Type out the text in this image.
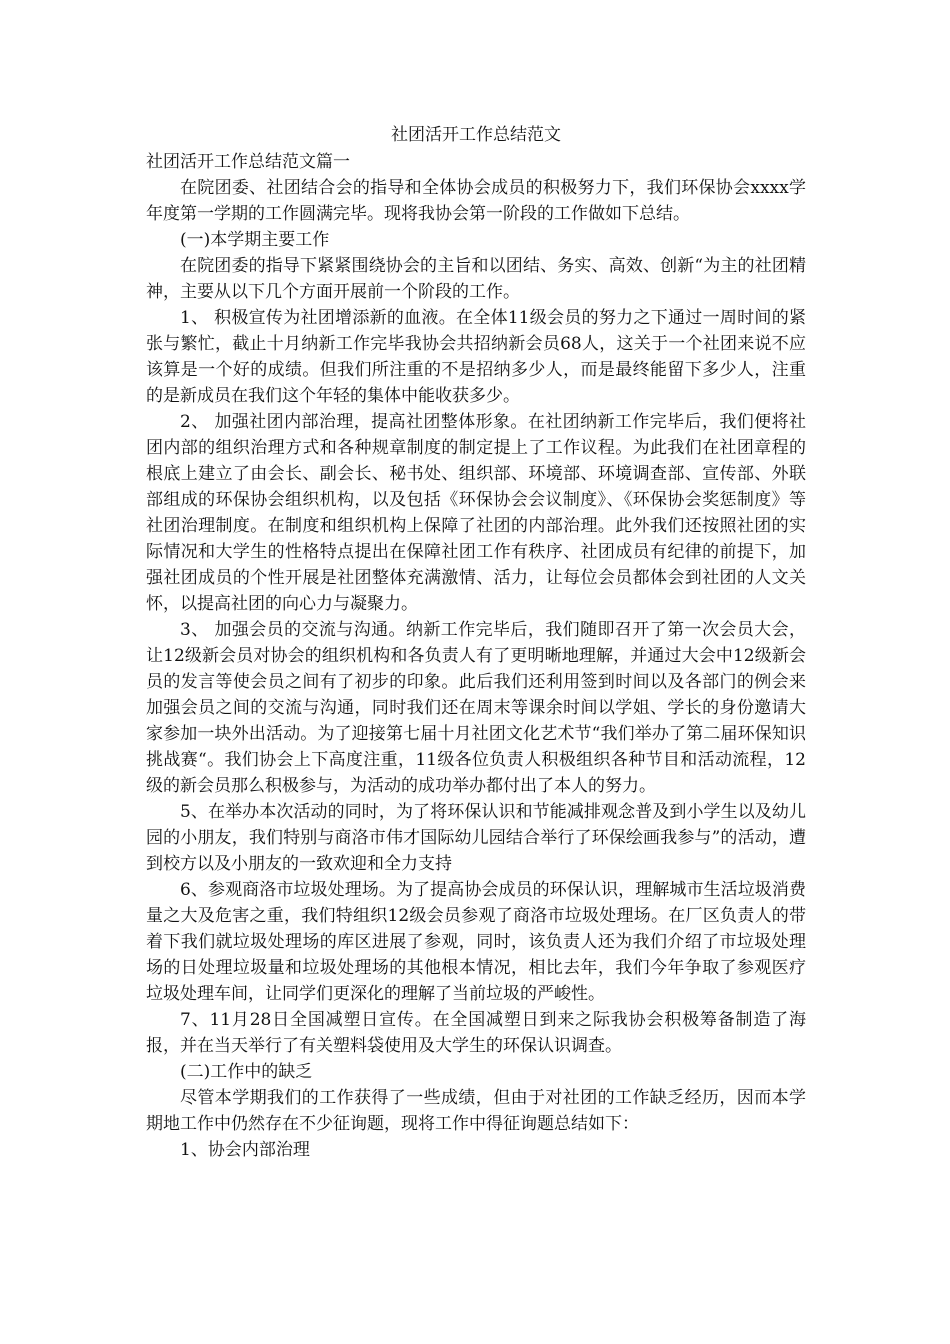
社团活开工作总结范文

社团活开工作总结范文篇一

在院团委、社团结合会的指导和全体协会成员的积极努力下，我们环保协会xxxx学年度第一学期的工作圆满完毕。现将我协会第一阶段的工作做如下总结。

(一)本学期主要工作

在院团委的指导下紧紧围绕协会的主旨和以团结、务实、高效、创新“为主的社团精神，主要从以下几个方面开展前一个阶段的工作。

1、 积极宣传为社团增添新的血液。在全体11级会员的努力之下通过一周时间的紧张与繁忙，截止十月纳新工作完毕我协会共招纳新会员68人，这关于一个社团来说不应该算是一个好的成绩。但我们所注重的不是招纳多少人，而是最终能留下多少人，注重的是新成员在我们这个年轻的集体中能收获多少。

2、 加强社团内部治理，提高社团整体形象。在社团纳新工作完毕后，我们便将社团内部的组织治理方式和各种规章制度的制定提上了工作议程。为此我们在社团章程的根底上建立了由会长、副会长、秘书处、组织部、环境部、环境调查部、宣传部、外联部组成的环保协会组织机构，以及包括《环保协会会议制度》、《环保协会奖惩制度》等社团治理制度。在制度和组织机构上保障了社团的内部治理。此外我们还按照社团的实际情况和大学生的性格特点提出在保障社团工作有秩序、社团成员有纪律的前提下，加强社团成员的个性开展是社团整体充满激情、活力，让每位会员都体会到社团的人文关怀，以提高社团的向心力与凝聚力。

3、 加强会员的交流与沟通。纳新工作完毕后，我们随即召开了第一次会员大会，让12级新会员对协会的组织机构和各负责人有了更明晰地理解，并通过大会中12级新会员的发言等使会员之间有了初步的印象。此后我们还利用签到时间以及各部门的例会来加强会员之间的交流与沟通，同时我们还在周末等课余时间以学姐、学长的身份邀请大家参加一块外出活动。为了迎接第七届十月社团文化艺术节“我们举办了第二届环保知识挑战赛“。我们协会上下高度注重，11级各位负责人积极组织各种节目和活动流程，12级的新会员那么积极参与，为活动的成功举办都付出了本人的努力。

5、在举办本次活动的同时，为了将环保认识和节能减排观念普及到小学生以及幼儿园的小朋友，我们特别与商洛市伟才国际幼儿园结合举行了环保绘画我参与”的活动，遭到校方以及小朋友的一致欢迎和全力支持

6、参观商洛市垃圾处理场。为了提高协会成员的环保认识，理解城市生活垃圾消费量之大及危害之重，我们特组织12级会员参观了商洛市垃圾处理场。在厂区负责人的带着下我们就垃圾处理场的库区进展了参观，同时，该负责人还为我们介绍了市垃圾处理场的日处理垃圾量和垃圾处理场的其他根本情况，相比去年，我们今年争取了参观医疗垃圾处理车间，让同学们更深化的理解了当前垃圾的严峻性。

7、11月28日全国减塑日宣传。在全国减塑日到来之际我协会积极筹备制造了海报，并在当天举行了有关塑料袋使用及大学生的环保认识调查。

(二)工作中的缺乏

尽管本学期我们的工作获得了一些成绩，但由于对社团的工作缺乏经历，因而本学期地工作中仍然存在不少征询题，现将工作中得征询题总结如下：

1、协会内部治理
